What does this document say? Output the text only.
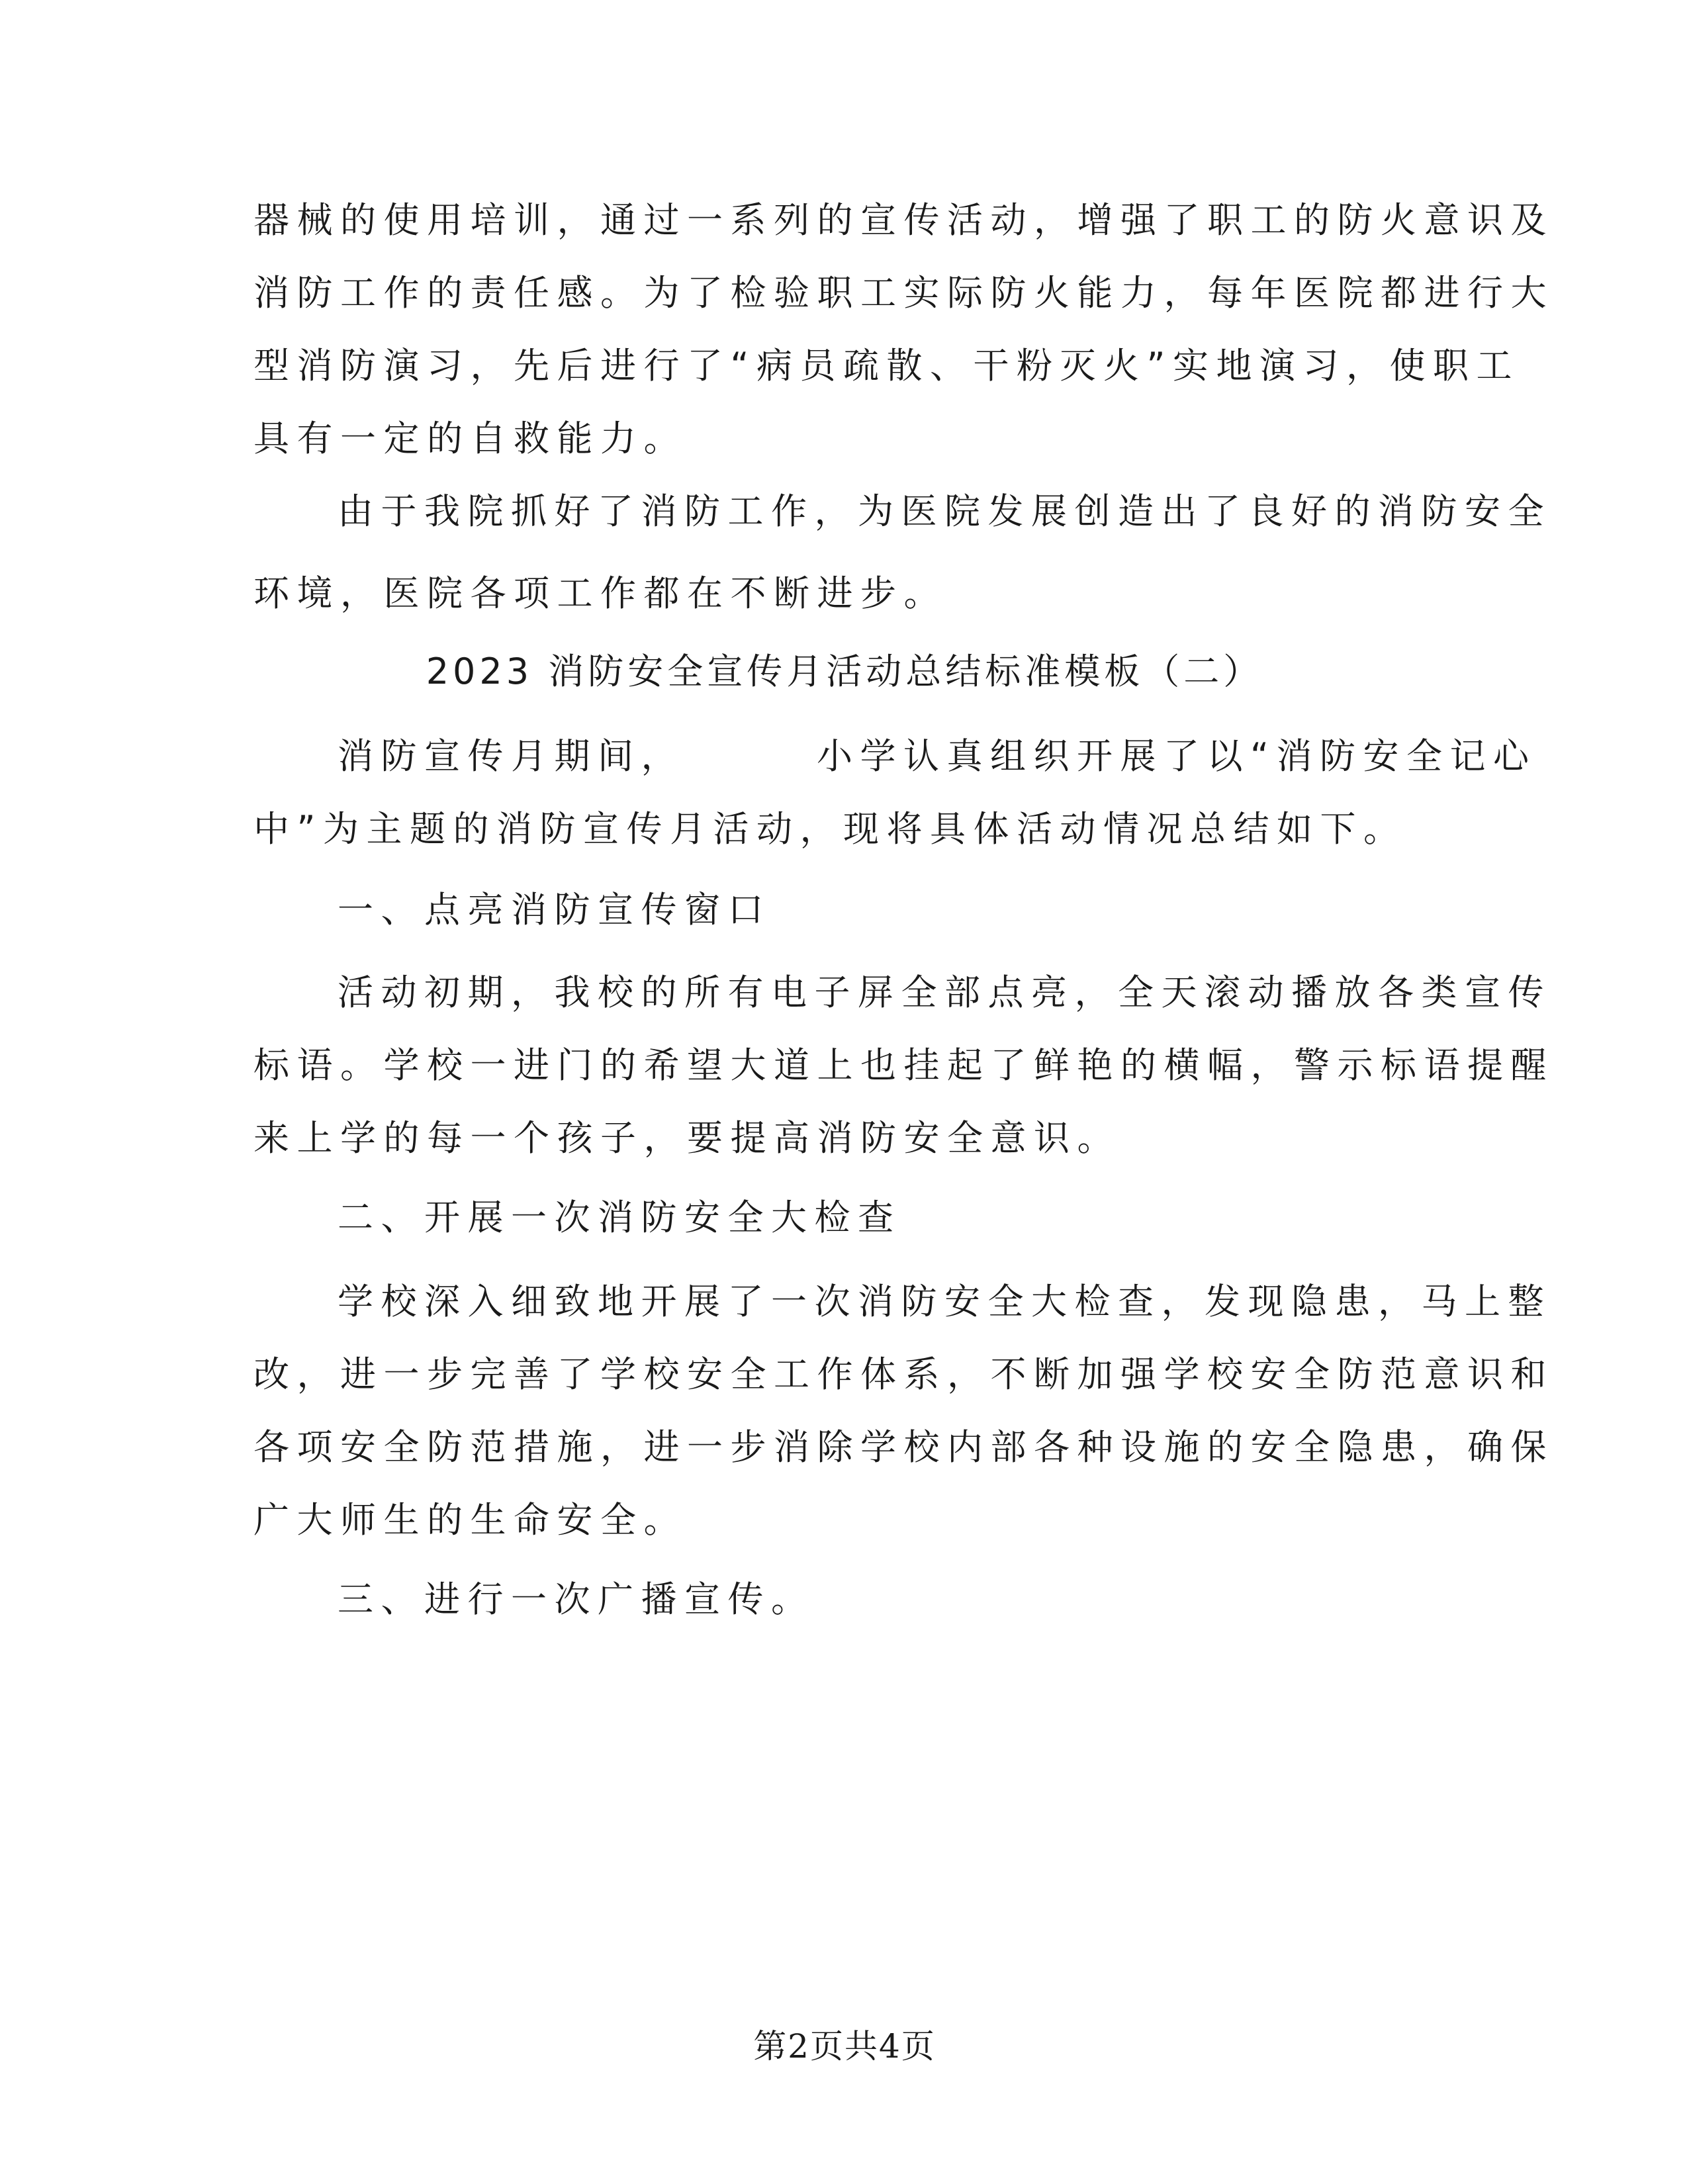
器械的使用培训，通过一系列的宣传活动，增强了职工的防火意识及
消防工作的责任感。为了检验职工实际防火能力，每年医院都进行大
型消防演习，先后进行了“病员疏散、干粉灭火”实地演习，使职工
具有一定的自救能力。
由于我院抓好了消防工作，为医院发展创造出了良好的消防安全
环境，医院各项工作都在不断进步。
2023 消防安全宣传月活动总结标准模板（二）
消防宣传月期间，	小学认真组织开展了以“消防安全记心
中”为主题的消防宣传月活动，现将具体活动情况总结如下。
一、点亮消防宣传窗口
活动初期，我校的所有电子屏全部点亮，全天滚动播放各类宣传
标语。学校一进门的希望大道上也挂起了鲜艳的横幅，警示标语提醒
来上学的每一个孩子，要提高消防安全意识。
二、开展一次消防安全大检查
学校深入细致地开展了一次消防安全大检查，发现隐患，马上整
改，进一步完善了学校安全工作体系，不断加强学校安全防范意识和
各项安全防范措施，进一步消除学校内部各种设施的安全隐患，确保
广大师生的生命安全。
三、进行一次广播宣传。
第2页共4页
